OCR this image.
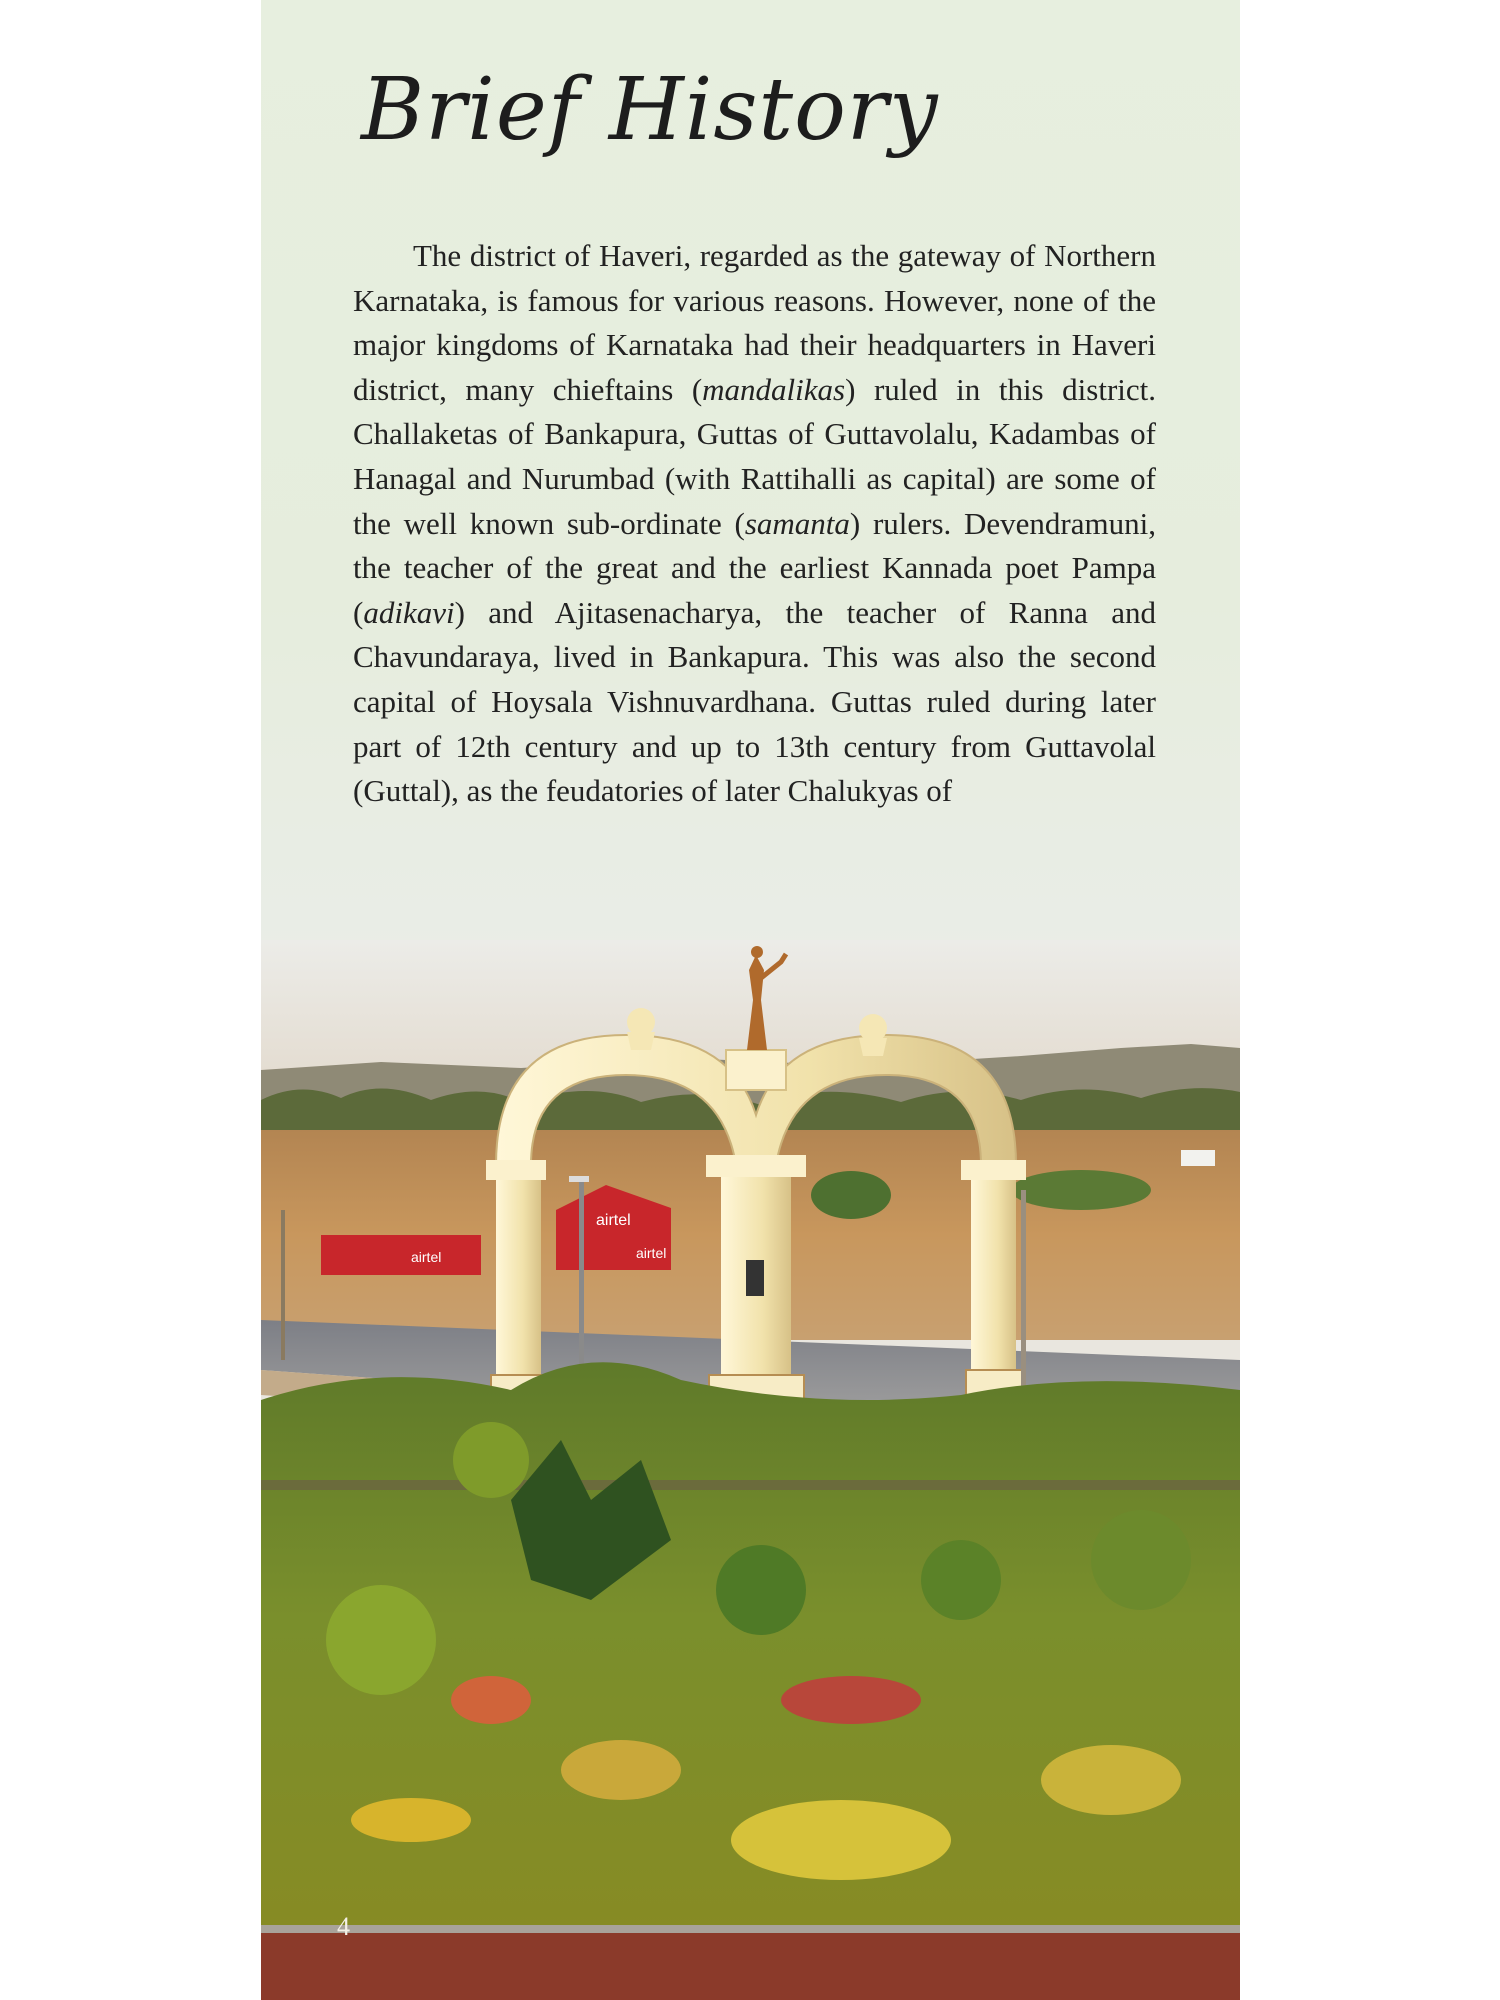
Brief History

The district of Haveri, regarded as the gateway of Northern Karnataka, is famous for various reasons. However, none of the major kingdoms of Karnataka had their headquarters in Haveri district, many chieftains (mandalikas) ruled in this district. Challaketas of Bankapura, Guttas of Guttavolalu, Kadambas of Hanagal and Nurumbad (with Rattihalli as capital) are some of the well known sub-ordinate (samanta) rulers. Devendramuni, the teacher of the great and the earliest Kannada poet Pampa (adikavi) and Ajitasenacharya, the teacher of Ranna and Chavundaraya, lived in Bankapura. This was also the second capital of Hoysala Vishnuvardhana. Guttas ruled during later part of 12th century and up to 13th century from Guttavolal (Guttal), as the feudatories of later Chalukyas of

airtel
airtel
airtel
4
